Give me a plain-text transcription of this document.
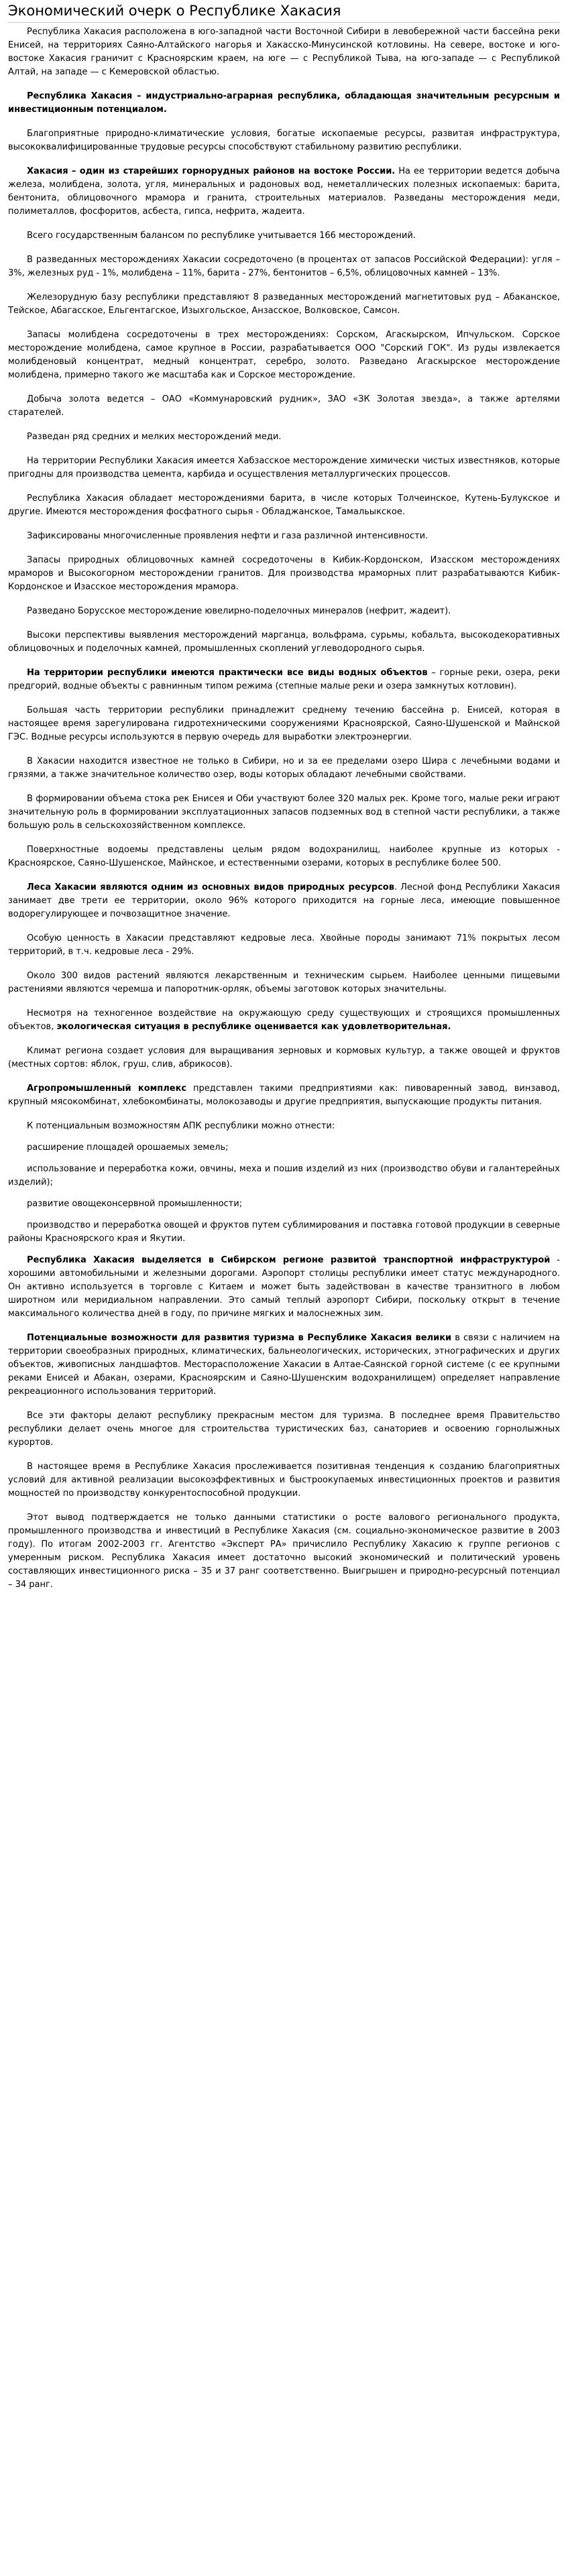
Экономический очерк о Республике Хакасия

Республика Хакасия расположена в юго-западной части Восточной Сибири в левобережной части бассейна реки Енисей, на территориях Саяно-Алтайского нагорья и Хакасско-Минусинской котловины. На севере, востоке и юго-востоке Хакасия граничит с Красноярским краем, на юге — с Республикой Тыва, на юго-западе — с Республикой Алтай, на западе — с Кемеровской областью.

Республика Хакасия – индустриально-аграрная республика, обладающая значительным ресурсным и инвестиционным потенциалом.

Благоприятные природно-климатические условия, богатые ископаемые ресурсы, развитая инфраструктура, высококвалифицированные трудовые ресурсы способствуют стабильному развитию республики.

Хакасия – один из старейших горнорудных районов на востоке России. На ее территории ведется добыча железа, молибдена, золота, угля, минеральных и радоновых вод, неметаллических полезных ископаемых: барита, бентонита, облицовочного мрамора и гранита, строительных материалов. Разведаны месторождения меди, полиметаллов, фосфоритов, асбеста, гипса, нефрита, жадеита.

Всего государственным балансом по республике учитывается 166 месторождений.

В разведанных месторождениях Хакасии сосредоточено (в процентах от запасов Российской Федерации): угля – 3%, железных руд - 1%, молибдена – 11%, барита - 27%, бентонитов – 6,5%, облицовочных камней – 13%.

Железорудную базу республики представляют 8 разведанных месторождений магнетитовых руд – Абаканское, Тейское, Абагасское, Ельгентагское, Изыхгольское, Анзасское, Волковское, Самсон.

Запасы молибдена сосредоточены в трех месторождениях: Сорском, Агаскырском, Ипчульском. Сорское месторождение молибдена, самое крупное в России, разрабатывается ООО "Сорский ГОК". Из руды извлекается молибденовый концентрат, медный концентрат, серебро, золото. Разведано Агаскырское месторождение молибдена, примерно такого же масштаба как и Сорское месторождение.

Добыча золота ведется – ОАО «Коммунаровский рудник», ЗАО «ЗК Золотая звезда», а также артелями старателей.

Разведан ряд средних и мелких месторождений меди.

На территории Республики Хакасия имеется Хабзасское месторождение химически чистых известняков, которые пригодны для производства цемента, карбида и осуществления металлургических процессов.

Республика Хакасия обладает месторождениями барита, в числе которых Толчеинское, Кутень-Булукское и другие. Имеются месторождения фосфатного сырья - Обладжанское, Тамальыкское.

Зафиксированы многочисленные проявления нефти и газа различной интенсивности.

Запасы природных облицовочных камней сосредоточены в Кибик-Кордонском, Изасском месторождениях мраморов и Высокогорном месторождении гранитов. Для производства мраморных плит разрабатываются Кибик-Кордонское и Изасское месторождения мрамора.

Разведано Борусское месторождение ювелирно-поделочных минералов (нефрит, жадеит).

Высоки перспективы выявления месторождений марганца, вольфрама, сурьмы, кобальта, высокодекоративных облицовочных и поделочных камней, промышленных скоплений углеводородного сырья.

На территории республики имеются практически все виды водных объектов – горные реки, озера, реки предгорий, водные объекты с равнинным типом режима (степные малые реки и озера замкнутых котловин).

Большая часть территории республики принадлежит среднему течению бассейна р. Енисей, которая в настоящее время зарегулирована гидротехническими сооружениями Красноярской, Саяно-Шушенской и Майнской ГЭС. Водные ресурсы используются в первую очередь для выработки электроэнергии.

В Хакасии находится известное не только в Сибири, но и за ее пределами озеро Шира с лечебными водами и грязями, а также значительное количество озер, воды которых обладают лечебными свойствами.

В формировании объема стока рек Енисея и Оби участвуют более 320 малых рек. Кроме того, малые реки играют значительную роль в формировании эксплуатационных запасов подземных вод в степной части республики, а также большую роль в сельскохозяйственном комплексе.

Поверхностные водоемы представлены целым рядом водохранилищ, наиболее крупные из которых - Красноярское, Саяно-Шушенское, Майнское, и естественными озерами, которых в республике более 500.

Леса Хакасии являются одним из основных видов природных ресурсов. Лесной фонд Республики Хакасия занимает две трети ее территории, около 96% которого приходится на горные леса, имеющие повышенное водорегулирующее и почвозащитное значение.

Особую ценность в Хакасии представляют кедровые леса. Хвойные породы занимают 71% покрытых лесом территорий, в т.ч. кедровые леса - 29%.

Около 300 видов растений являются лекарственным и техническим сырьем. Наиболее ценными пищевыми растениями являются черемша и папоротник-орляк, объемы заготовок которых значительны.

Несмотря на техногенное воздействие на окружающую среду существующих и строящихся промышленных объектов, экологическая ситуация в республике оценивается как удовлетворительная.

Климат региона создает условия для выращивания зерновых и кормовых культур, а также овощей и фруктов (местных сортов: яблок, груш, слив, абрикосов).

Агропромышленный комплекс представлен такими предприятиями как: пивоваренный завод, винзавод, крупный мясокомбинат, хлебокомбинаты, молокозаводы и другие предприятия, выпускающие продукты питания.

К потенциальным возможностям АПК республики можно отнести:

расширение площадей орошаемых земель;

использование и переработка кожи, овчины, меха и пошив изделий из них (производство обуви и галантерейных изделий);

развитие овощеконсервной промышленности;

производство и переработка овощей и фруктов путем сублимирования и поставка готовой продукции в северные районы Красноярского края и Якутии.

Республика Хакасия выделяется в Сибирском регионе развитой транспортной инфраструктурой - хорошими автомобильными и железными дорогами. Аэропорт столицы республики имеет статус международного. Он активно используется в торговле с Китаем и может быть задействован в качестве транзитного в любом широтном или меридиальном направлении. Это самый теплый аэропорт Сибири, поскольку открыт в течение максимального количества дней в году, по причине мягких и малоснежных зим.

Потенциальные возможности для развития туризма в Республике Хакасия велики в связи с наличием на территории своеобразных природных, климатических, бальнеологических, исторических, этнографических и других объектов, живописных ландшафтов. Месторасположение Хакасии в Алтае-Саянской горной системе (с ее крупными реками Енисей и Абакан, озерами, Красноярским и Саяно-Шушенским водохранилищем) определяет направление рекреационного использования территорий.

Все эти факторы делают республику прекрасным местом для туризма. В последнее время Правительство республики делает очень многое для строительства туристических баз, санаториев и освоению горнолыжных курортов.

В настоящее время в Республике Хакасия прослеживается позитивная тенденция к созданию благоприятных условий для активной реализации высокоэффективных и быстроокупаемых инвестиционных проектов и развития мощностей по производству конкурентоспособной продукции.

Этот вывод подтверждается не только данными статистики о росте валового регионального продукта, промышленного производства и инвестиций в Республике Хакасия (см. социально-экономическое развитие в 2003 году). По итогам 2002-2003 гг. Агентство «Эксперт РА» причислило Республику Хакасию к группе регионов с умеренным риском. Республика Хакасия имеет достаточно высокий экономический и политический уровень составляющих инвестиционного риска – 35 и 37 ранг соответственно. Выигрышен и природно-ресурсный потенциал – 34 ранг.
